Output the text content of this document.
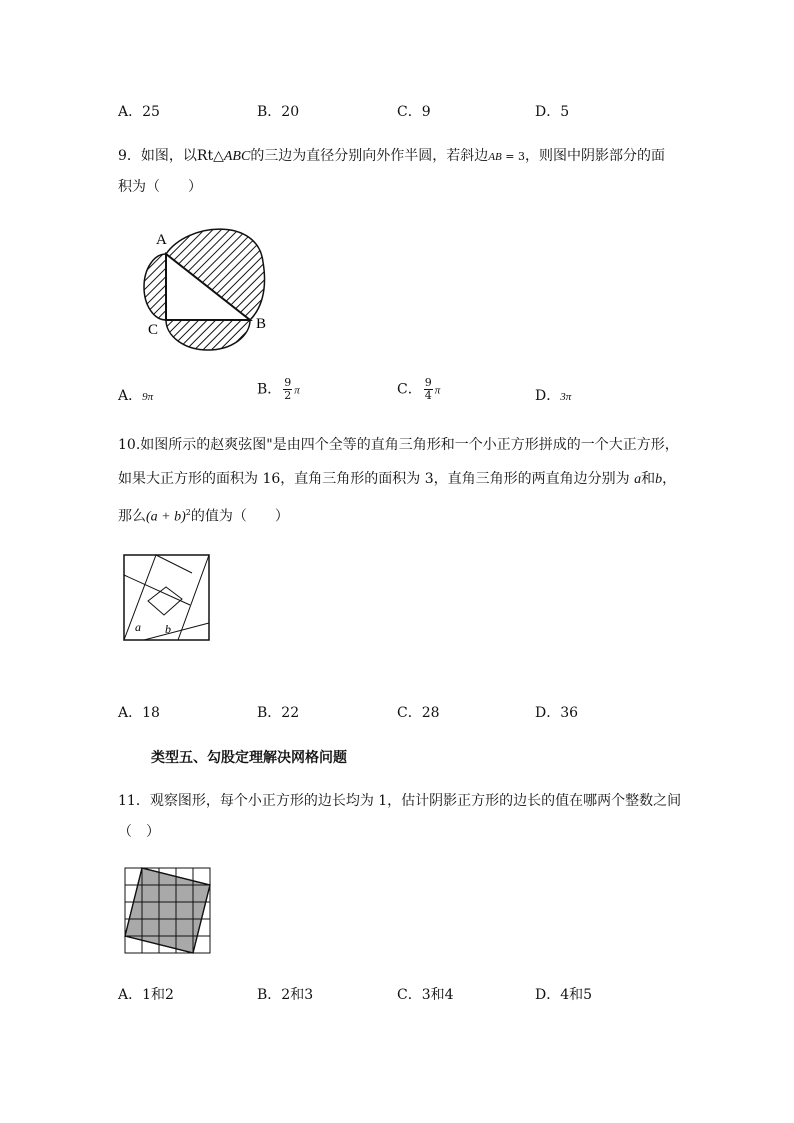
A．25	B．20	C．9	D．5
9．如图，以Rt△ABC的三边为直径分别向外作半圆，若斜边AB = 3，则图中阴影部分的面
积为（　　）
A
B
C
A．9π	B． $\frac{9}{2}$ π	C． $\frac{9}{4}$ π	D．3π
10.如图所示的赵爽弦图"是由四个全等的直角三角形和一个小正方形拼成的一个大正方形，
如果大正方形的面积为 16，直角三角形的面积为 3，直角三角形的两直角边分别为 a和b，
那么$(a + b)^2$的值为（　　）
a b
A．18	B．22	C．28	D．36
类型五、勾股定理解决网格问题
11．观察图形，每个小正方形的边长均为 1，估计阴影正方形的边长的值在哪两个整数之间
（　）
A．1和2	B．2和3	C．3和4	D．4和5
